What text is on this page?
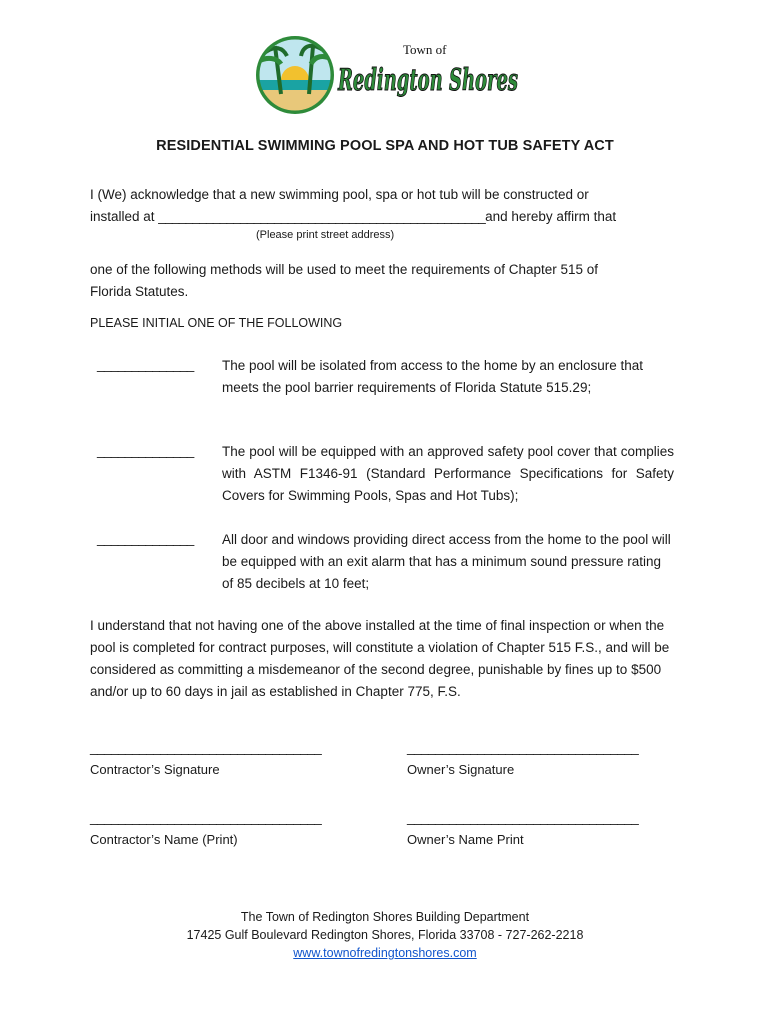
Town of
Redington Shores
RESIDENTIAL SWIMMING POOL SPA AND HOT TUB SAFETY ACT
I (We) acknowledge that a new swimming pool, spa or hot tub will be constructed or
installed at ________________________________________________and hereby affirm that
(Please print street address)
one of the following methods will be used to meet the requirements of Chapter 515 of
Florida Statutes.
PLEASE INITIAL ONE OF THE FOLLOWING
______________ The pool will be isolated from access to the home by an enclosure that meets the pool barrier requirements of Florida Statute 515.29;
______________ The pool will be equipped with an approved safety pool cover that complies with ASTM F1346-91 (Standard Performance Specifications for Safety Covers for Swimming Pools, Spas and Hot Tubs);
______________ All door and windows providing direct access from the home to the pool will be equipped with an exit alarm that has a minimum sound pressure rating of 85 decibels at 10 feet;
I understand that not having one of the above installed at the time of final inspection or when the pool is completed for contract purposes, will constitute a violation of Chapter 515 F.S., and will be considered as committing a misdemeanor of the second degree, punishable by fines up to $500 and/or up to 60 days in jail as established in Chapter 775, F.S.
_________________________________	_________________________________
Contractor’s Signature	Owner’s Signature
_________________________________	_________________________________
Contractor’s Name (Print)	Owner’s Name Print
The Town of Redington Shores Building Department
17425 Gulf Boulevard Redington Shores, Florida 33708 - 727-262-2218
www.townofredingtonshores.com
